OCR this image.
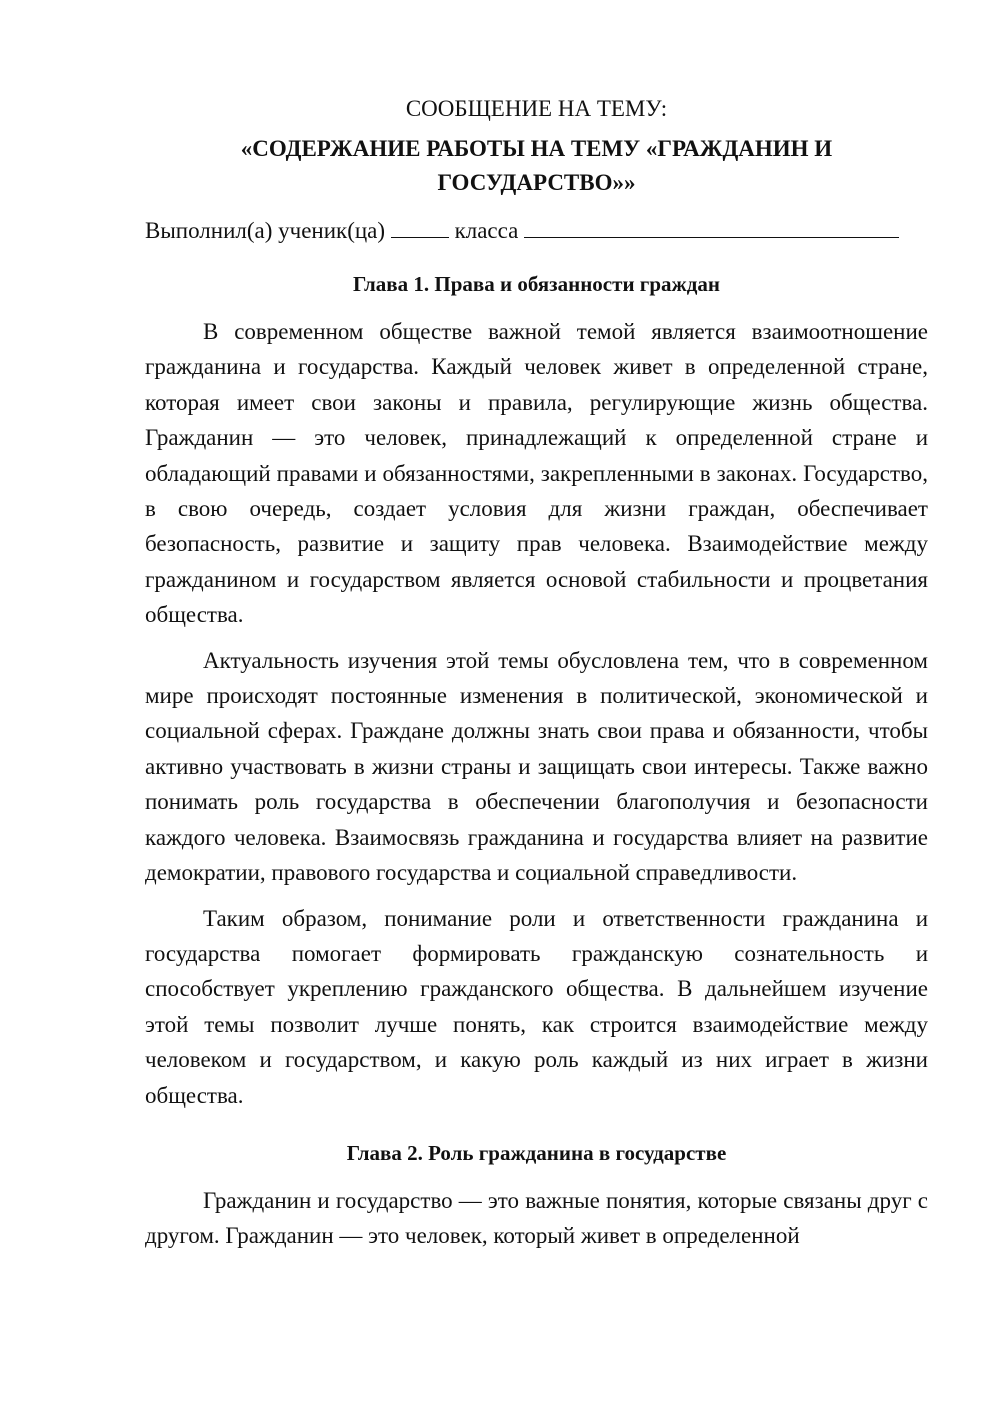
СООБЩЕНИЕ НА ТЕМУ:

«СОДЕРЖАНИЕ РАБОТЫ НА ТЕМУ «ГРАЖДАНИН И ГОСУДАРСТВО»»

Выполнил(а) ученик(ца)	класса

Глава 1. Права и обязанности граждан

В современном обществе важной темой является взаимоотношение гражданина и государства. Каждый человек живет в определенной стране, которая имеет свои законы и правила, регулирующие жизнь общества. Гражданин — это человек, принадлежащий к определенной стране и обладающий правами и обязанностями, закрепленными в законах. Государство, в свою очередь, создает условия для жизни граждан, обеспечивает безопасность, развитие и защиту прав человека. Взаимодействие между гражданином и государством является основой стабильности и процветания общества.

Актуальность изучения этой темы обусловлена тем, что в современном мире происходят постоянные изменения в политической, экономической и социальной сферах. Граждане должны знать свои права и обязанности, чтобы активно участвовать в жизни страны и защищать свои интересы. Также важно понимать роль государства в обеспечении благополучия и безопасности каждого человека. Взаимосвязь гражданина и государства влияет на развитие демократии, правового государства и социальной справедливости.

Таким образом, понимание роли и ответственности гражданина и государства помогает формировать гражданскую сознательность и способствует укреплению гражданского общества. В дальнейшем изучение этой темы позволит лучше понять, как строится взаимодействие между человеком и государством, и какую роль каждый из них играет в жизни общества.

Глава 2. Роль гражданина в государстве

Гражданин и государство — это важные понятия, которые связаны друг с другом. Гражданин — это человек, который живет в определенной
